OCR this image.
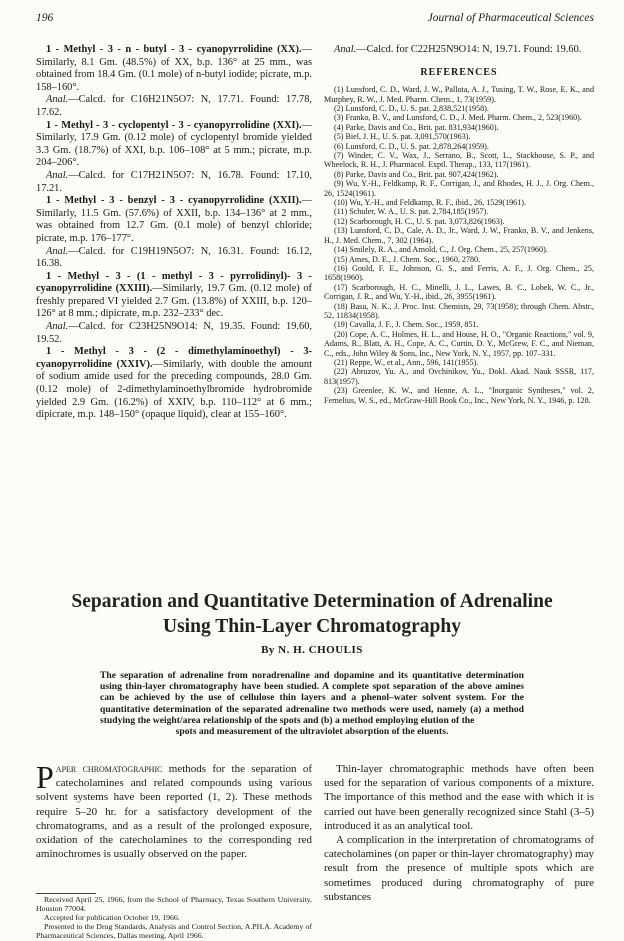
196	Journal of Pharmaceutical Sciences

1 - Methyl - 3 - n - butyl - 3 - cyanopyrrolidine (XX).—Similarly, 8.1 Gm. (48.5%) of XX, b.p. 136° at 25 mm., was obtained from 18.4 Gm. (0.1 mole) of n-butyl iodide; picrate, m.p. 158–160°.

Anal.—Calcd. for C16H21N5O7: N, 17.71. Found: 17.78, 17.62.

1 - Methyl - 3 - cyclopentyl - 3 - cyanopyrrolidine (XXI).—Similarly, 17.9 Gm. (0.12 mole) of cyclopentyl bromide yielded 3.3 Gm. (18.7%) of XXI, b.p. 106–108° at 5 mm.; picrate, m.p. 204–206°.

Anal.—Calcd. for C17H21N5O7: N, 16.78. Found: 17.10, 17.21.

1 - Methyl - 3 - benzyl - 3 - cyanopyrrolidine (XXII).—Similarly, 11.5 Gm. (57.6%) of XXII, b.p. 134–136° at 2 mm., was obtained from 12.7 Gm. (0.1 mole) of benzyl chloride; picrate, m.p. 176–177°.

Anal.—Calcd. for C19H19N5O7: N, 16.31. Found: 16.12, 16.38.

1 - Methyl - 3 - (1 - methyl - 3 - pyrrolidinyl)- 3 - cyanopyrrolidine (XXIII).—Similarly, 19.7 Gm. (0.12 mole) of freshly prepared VI yielded 2.7 Gm. (13.8%) of XXIII, b.p. 120–126° at 8 mm.; dipicrate, m.p. 232–233° dec.

Anal.—Calcd. for C23H25N9O14: N, 19.35. Found: 19.60, 19.52.

1 - Methyl - 3 - (2 - dimethylaminoethyl) - 3- cyanopyrrolidine (XXIV).—Similarly, with double the amount of sodium amide used for the preceding compounds, 28.0 Gm. (0.12 mole) of 2-dimethylaminoethylbromide hydrobromide yielded 2.9 Gm. (16.2%) of XXIV, b.p. 110–112° at 6 mm.; dipicrate, m.p. 148–150° (opaque liquid), clear at 155–160°.

Anal.—Calcd. for C22H25N9O14: N, 19.71. Found: 19.60.

REFERENCES

(1) Lunsford, C. D., Ward, J. W., Pallota, A. J., Tusing, T. W., Rose, E. K., and Murphey, R. W., J. Med. Pharm. Chem., 1, 73(1959).

(2) Lunsford, C. D., U. S. pat. 2,838,521(1958).

(3) Franko, B. V., and Lunsford, C. D., J. Med. Pharm. Chem., 2, 523(1960).

(4) Parke, Davis and Co., Brit. pat. 831,934(1960).

(5) Biel, J. H., U. S. pat. 3,091,570(1963).

(6) Lunsford, C. D., U. S. pat. 2,878,264(1959).

(7) Winder, C. V., Wax, J., Serrano, B., Scott, L., Stackhouse, S. P., and Wheelock, R. H., J. Pharmacol. Exptl. Therap., 133, 117(1961).

(8) Parke, Davis and Co., Brit. pat. 907,424(1962).

(9) Wu, Y.-H., Feldkamp, R. F., Corrigan, J., and Rhodes, H. J., J. Org. Chem., 26, 1524(1961).

(10) Wu, Y.-H., and Feldkamp, R. F., ibid., 26, 1529(1961).

(11) Schuler, W. A., U. S. pat. 2,784,185(1957).

(12) Scarborough, H. C., U. S. pat. 3,073,826(1963).

(13) Lunsford, C. D., Cale, A. D., Jr., Ward, J. W., Franko, B. V., and Jenkens, H., J. Med. Chem., 7, 302 (1964).

(14) Smilely, R. A., and Arnold, C., J. Org. Chem., 25, 257(1960).

(15) Ames, D. E., J. Chem. Soc., 1960, 2780.

(16) Gould, F. E., Johnson, G. S., and Ferris, A. F., J. Org. Chem., 25, 1658(1960).

(17) Scarborough, H. C., Minelli, J. L., Lawes, B. C., Lobek, W. C., Jr., Corrigan, J. R., and Wu, Y.-H., ibid., 26, 3955(1961).

(18) Basu, N. K., J. Proc. Inst. Chemists, 29, 73(1958); through Chem. Abstr., 52, 11834(1958).

(19) Cavalla, J. F., J. Chem. Soc., 1959, 851.

(20) Cope, A. C., Holmes, H. L., and House, H. O., "Organic Reactions," vol. 9, Adams, R., Blatt, A. H., Cope, A. C., Curtin, D. Y., McGrew, F. C., and Nieman, C., eds., John Wiley & Sons, Inc., New York, N. Y., 1957, pp. 107–331.

(21) Reppe, W., et al., Ann., 596, 141(1955).

(22) Abruzov, Yu. A., and Ovchinikov, Yu., Dokl. Akad. Nauk SSSR, 117, 813(1957).

(23) Greenlee, K. W., and Henne, A. L., "Inorganic Syntheses," vol. 2, Fernelius, W. S., ed., McGraw-Hill Book Co., Inc., New York, N. Y., 1946, p. 128.

Separation and Quantitative Determination of Adrenaline Using Thin-Layer Chromatography
By N. H. CHOULIS
The separation of adrenaline from noradrenaline and dopamine and its quantitative determination using thin-layer chromatography have been studied. A complete spot separation of the above amines can be achieved by the use of cellulose thin layers and a phenol–water solvent system. For the quantitative determination of the separated adrenaline two methods were used, namely (a) a method studying the weight/area relationship of the spots and (b) a method employing elution of the
spots and measurement of the ultraviolet absorption of the eluents.

Paper chromatographic methods for the separation of catecholamines and related compounds using various solvent systems have been reported (1, 2). These methods require 5–20 hr. for a satisfactory development of the chromatograms, and as a result of the prolonged exposure, oxidation of the catecholamines to the corresponding red aminochromes is usually observed on the paper.

Thin-layer chromatographic methods have often been used for the separation of various components of a mixture. The importance of this method and the ease with which it is carried out have been generally recognized since Stahl (3–5) introduced it as an analytical tool.

A complication in the interpretation of chromatograms of catecholamines (on paper or thin-layer chromatography) may result from the presence of multiple spots which are sometimes produced during chromatography of pure substances

Received April 25, 1966, from the School of Pharmacy, Texas Southern University, Houston 77004.

Accepted for publication October 19, 1966.

Presented to the Drug Standards, Analysis and Control Section, A.PH.A. Academy of Pharmaceutical Sciences, Dallas meeting, April 1966.
